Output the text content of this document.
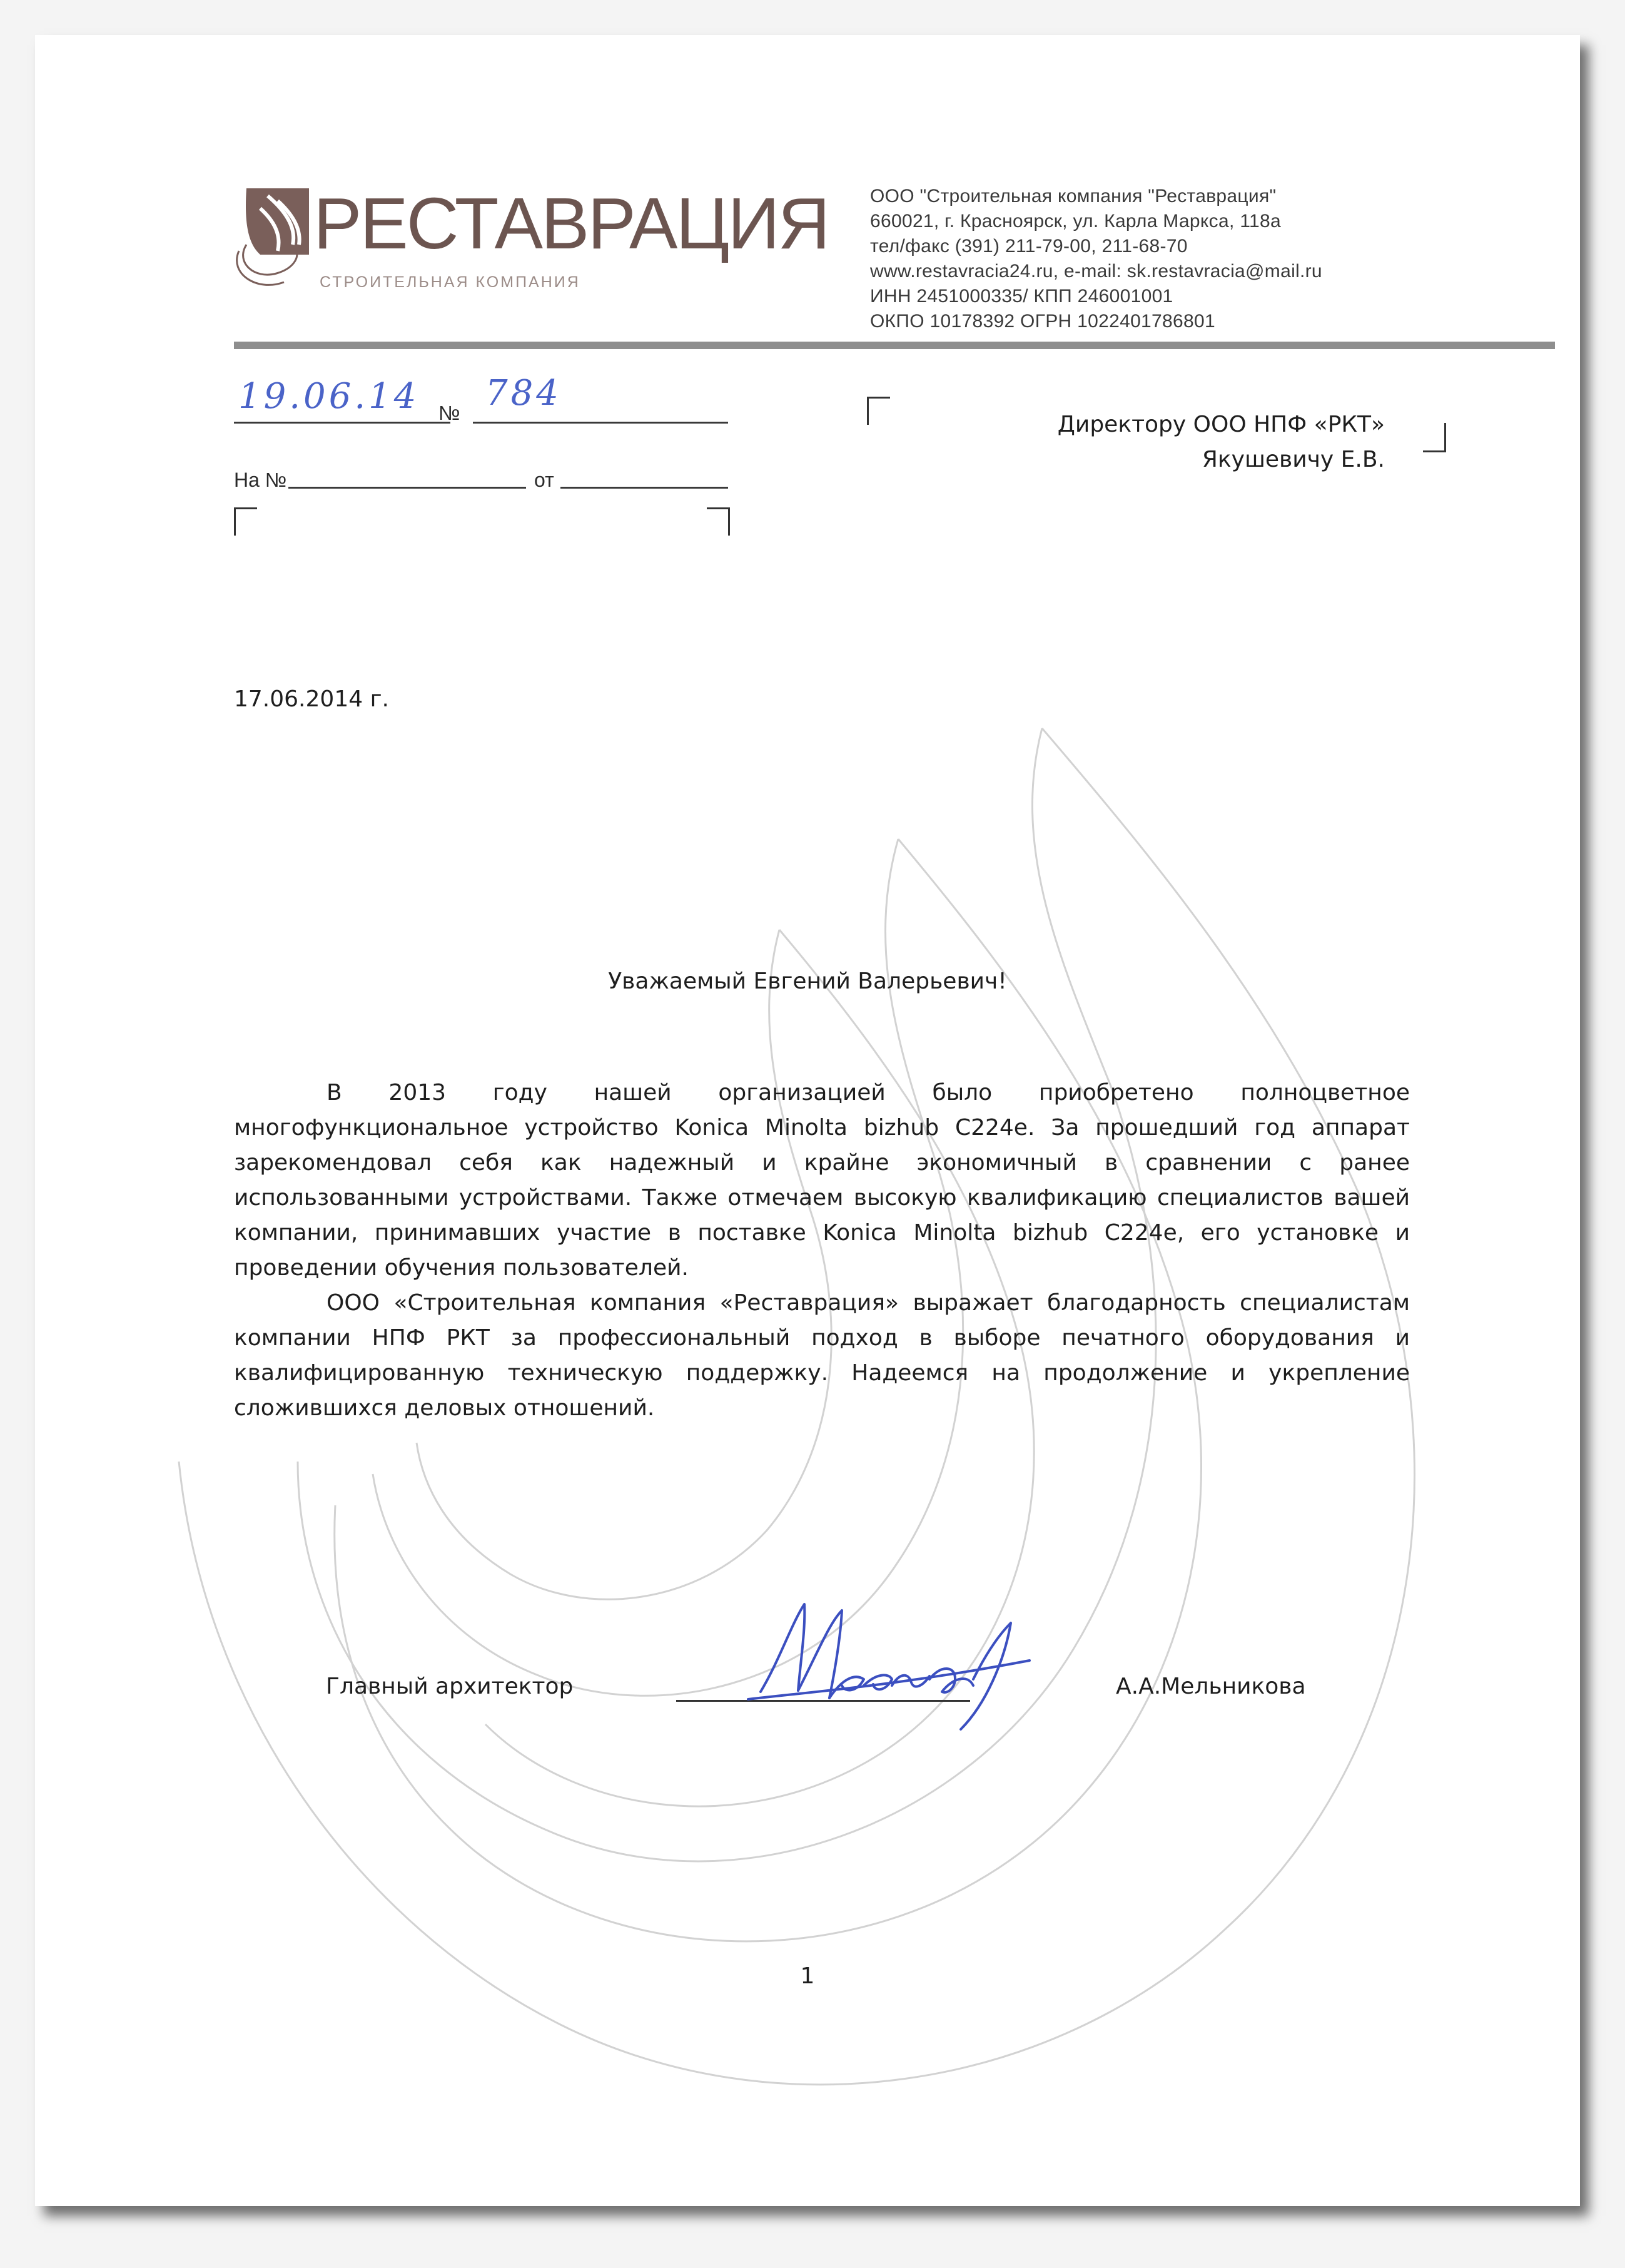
РЕСТАВРАЦИЯ
СТРОИТЕЛЬНАЯ КОМПАНИЯ
ООО "Строительная компания "Реставрация"
660021, г. Красноярск, ул. Карла Маркса, 118а
тел/факс (391) 211-79-00, 211-68-70
www.restavracia24.ru, e-mail: sk.restavracia@mail.ru
ИНН 2451000335/ КПП 246001001
ОКПО 10178392 ОГРН 1022401786801
19.06.14 № 784
На №	от
Директору ООО НПФ «РКТ»
Якушевичу Е.В.
17.06.2014 г.
Уважаемый Евгений Валерьевич!

В 2013 году нашей организацией было приобретено полноцветное многофункциональное устройство Konica Minolta bizhub C224e. За прошедший год аппарат зарекомендовал себя как надежный и крайне экономичный в сравнении с ранее использованными устройствами. Также отмечаем высокую квалификацию специалистов вашей компании, принимавших участие в поставке Konica Minolta bizhub C224e, его установке и проведении обучения пользователей.

ООО «Строительная компания «Реставрация» выражает благодарность специалистам компании НПФ РКТ за профессиональный подход в выборе печатного оборудования и квалифицированную техническую поддержку. Надеемся на продолжение и укрепление сложившихся деловых отношений.

Главный архитектор	А.А.Мельникова
1
